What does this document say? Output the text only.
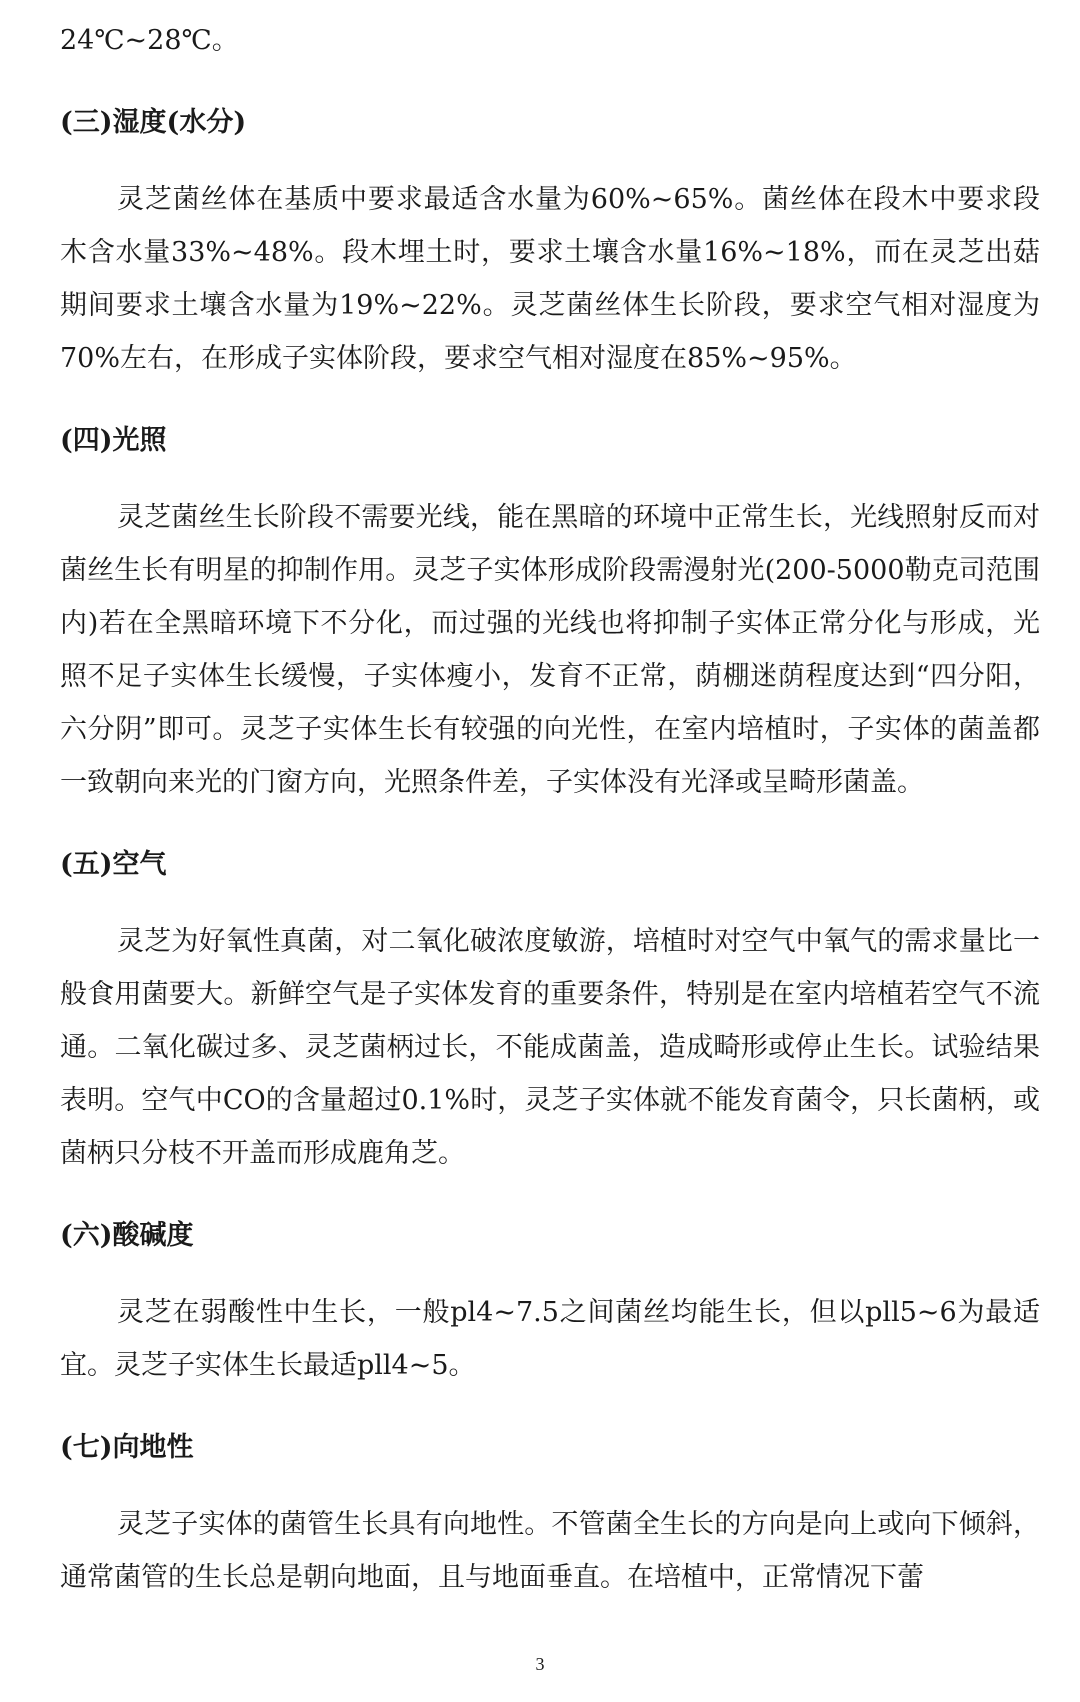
24℃~28℃。

(三)湿度(水分)

灵芝菌丝体在基质中要求最适含水量为60%~65%。菌丝体在段木中要求段木含水量33%~48%。段木埋土时，要求土壤含水量16%~18%，而在灵芝出菇期间要求土壤含水量为19%~22%。灵芝菌丝体生长阶段，要求空气相对湿度为70%左右，在形成子实体阶段，要求空气相对湿度在85%~95%。

(四)光照

灵芝菌丝生长阶段不需要光线，能在黑暗的环境中正常生长，光线照射反而对菌丝生长有明星的抑制作用。灵芝子实体形成阶段需漫射光(200-5000勒克司范围内)若在全黑暗环境下不分化，而过强的光线也将抑制子实体正常分化与形成，光照不足子实体生长缓慢，子实体瘦小，发育不正常，荫棚迷荫程度达到“四分阳，六分阴”即可。灵芝子实体生长有较强的向光性，在室内培植时，子实体的菌盖都一致朝向来光的门窗方向，光照条件差，子实体没有光泽或呈畸形菌盖。

(五)空气

灵芝为好氧性真菌，对二氧化破浓度敏游，培植时对空气中氧气的需求量比一般食用菌要大。新鲜空气是子实体发育的重要条件，特别是在室内培植若空气不流通。二氧化碳过多、灵芝菌柄过长，不能成菌盖，造成畸形或停止生长。试验结果表明。空气中CO的含量超过0.1%时，灵芝子实体就不能发育菌令，只长菌柄，或菌柄只分枝不开盖而形成鹿角芝。

(六)酸碱度

灵芝在弱酸性中生长，一般pl4~7.5之间菌丝均能生长，但以pll5~6为最适宜。灵芝子实体生长最适pll4~5。

(七)向地性

灵芝子实体的菌管生长具有向地性。不管菌全生长的方向是向上或向下倾斜，通常菌管的生长总是朝向地面，且与地面垂直。在培植中，正常情况下蕾

3
